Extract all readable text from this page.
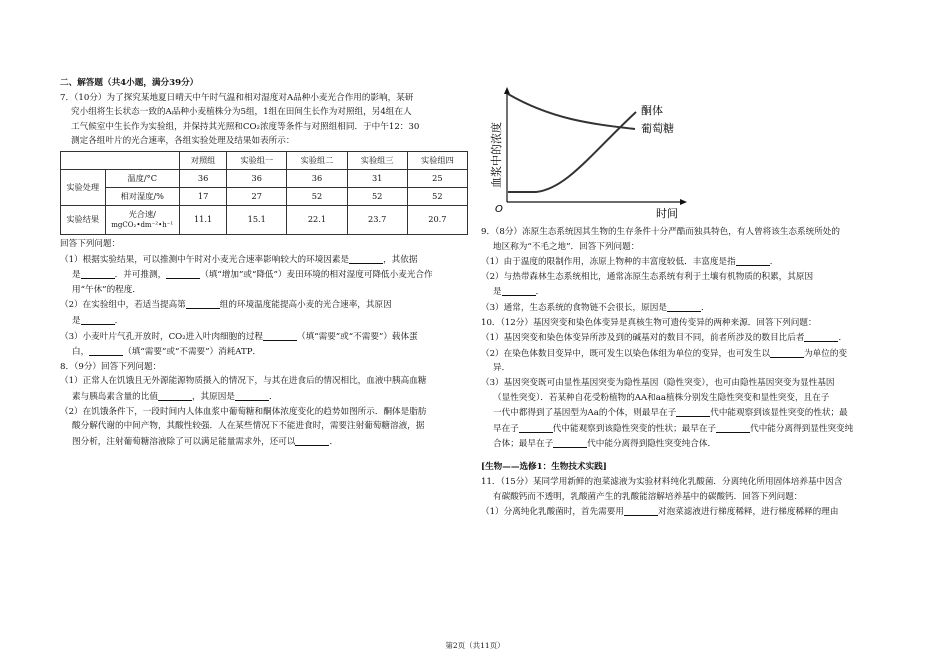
二、解答题（共4小题，满分39分）
7．（10分）为了探究某地夏日晴天中午时气温和相对湿度对A品种小麦光合作用的影响，某研
究小组将生长状态一致的A品种小麦植株分为5组，1组在田间生长作为对照组，另4组在人
工气候室中生长作为实验组，并保持其光照和CO₂浓度等条件与对照组相同．于中午12：30
测定各组叶片的光合速率，各组实验处理及结果如表所示：
		对照组	实验组一	实验组二	实验组三	实验组四
实验处理	温度/°C	36	36	36	31	25
	相对湿度/%	17	27	52	52	52
实验结果	光合速/
mgCO₂•dm⁻²•h⁻¹	11.1	15.1	22.1	23.7	20.7
回答下列问题：
（1）根据实验结果，可以推测中午时对小麦光合速率影响较大的环境因素是	，其依据
是	．并可推测，	（填“增加”或“降低”）麦田环境的相对湿度可降低小麦光合作
用“午休”的程度．
（2）在实验组中，若适当提高第	组的环境温度能提高小麦的光合速率，其原因
是	．
（3）小麦叶片气孔开放时，CO₂进入叶肉细胞的过程	（填“需要”或“不需要”）载体蛋
白，	（填“需要”或“不需要”）消耗ATP．
8．（9分）回答下列问题：
（1）正常人在饥饿且无外源能源物质摄入的情况下，与其在进食后的情况相比，血液中胰高血糖
素与胰岛素含量的比值	，其原因是	．
（2）在饥饿条件下，一段时间内人体血浆中葡萄糖和酮体浓度变化的趋势如图所示．酮体是脂肪
酸分解代谢的中间产物，其酸性较强．人在某些情况下不能进食时，需要注射葡萄糖溶液，据
图分析，注射葡萄糖溶液除了可以满足能量需求外，还可以	．
酮体
葡萄糖
O	时间
血浆中的浓度
9．（8分）冻原生态系统因其生物的生存条件十分严酷而独具特色，有人曾将该生态系统所处的
地区称为“不毛之地”．回答下列问题：
（1）由于温度的限制作用，冻原上物种的丰富度较低．丰富度是指	．
（2）与热带森林生态系统相比，通常冻原生态系统有利于土壤有机物质的积累，其原因
是	．
（3）通常，生态系统的食物链不会很长，原因是	．
10．（12分）基因突变和染色体变异是真核生物可遗传变异的两种来源．回答下列问题：
（1）基因突变和染色体变异所涉及到的碱基对的数目不同，前者所涉及的数目比后者	．
（2）在染色体数目变异中，既可发生以染色体组为单位的变异，也可发生以	为单位的变
异．
（3）基因突变既可由显性基因突变为隐性基因（隐性突变），也可由隐性基因突变为显性基因
（显性突变）．若某种自花受粉植物的AA和aa植株分别发生隐性突变和显性突变，且在子
一代中都得到了基因型为Aa的个体，则最早在子	代中能观察到该显性突变的性状；最
早在子	代中能观察到该隐性突变的性状；最早在子	代中能分离得到显性突变纯
合体；最早在子	代中能分离得到隐性突变纯合体．
[生物——选修1：生物技术实践]
11．（15分）某同学用新鲜的泡菜滤液为实验材料纯化乳酸菌．分离纯化所用固体培养基中因含
有碳酸钙而不透明，乳酸菌产生的乳酸能溶解培养基中的碳酸钙．回答下列问题：
（1）分离纯化乳酸菌时，首先需要用	对泡菜滤液进行梯度稀释，进行梯度稀释的理由
第2页（共11页）
